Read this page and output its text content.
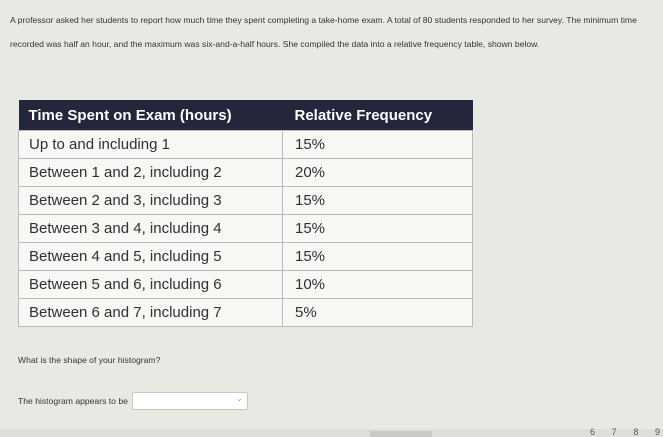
A professor asked her students to report how much time they spent completing a take-home exam. A total of 80 students responded to her survey. The minimum time recorded was half an hour, and the maximum was six-and-a-half hours. She compiled the data into a relative frequency table, shown below.
Time Spent on Exam (hours)	Relative Frequency
Up to and including 1	15%
Between 1 and 2, including 2	20%
Between 2 and 3, including 3	15%
Between 3 and 4, including 4	15%
Between 4 and 5, including 5	15%
Between 5 and 6, including 6	10%
Between 6 and 7, including 7	5%
What is the shape of your histogram?
The histogram appears to be	⌄
6 7 8 9
